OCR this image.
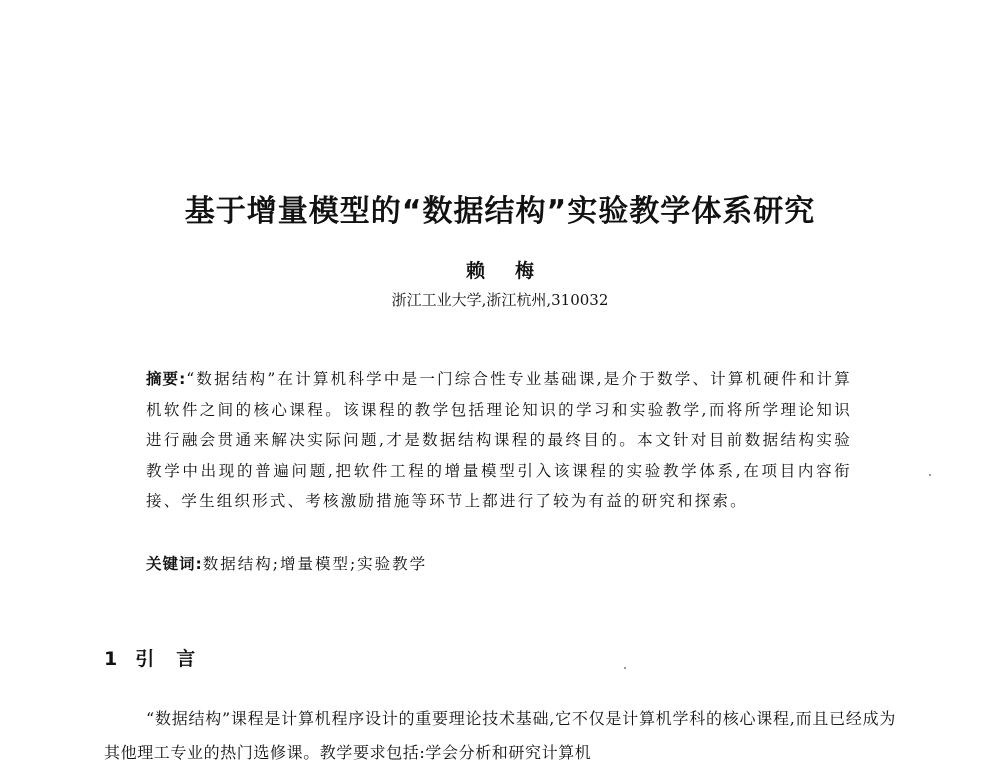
基于增量模型的“数据结构”实验教学体系研究
赖梅
浙江工业大学,浙江杭州,310032
摘要:“数据结构”在计算机科学中是一门综合性专业基础课,是介于数学、计算机硬件和计算机软件之间的核心课程。该课程的教学包括理论知识的学习和实验教学,而将所学理论知识进行融会贯通来解决实际问题,才是数据结构课程的最终目的。本文针对目前数据结构实验教学中出现的普遍问题,把软件工程的增量模型引入该课程的实验教学体系,在项目内容衔接、学生组织形式、考核激励措施等环节上都进行了较为有益的研究和探索。
关键词:数据结构;增量模型;实验教学
1 引言
“数据结构”课程是计算机程序设计的重要理论技术基础,它不仅是计算机学科的核心课程,而且已经成为其他理工专业的热门选修课。教学要求包括:学会分析和研究计算机
